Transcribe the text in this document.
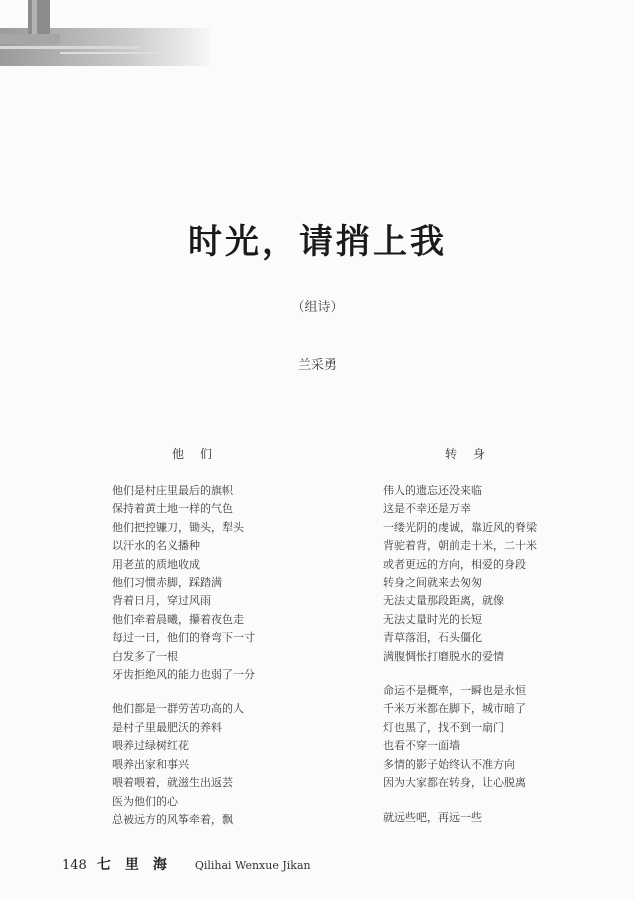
时光，请捎上我
（组诗）
兰采勇
他 们
他们是村庄里最后的旗帜
保持着黄土地一样的气色
他们把控镰刀，锄头，犁头
以汗水的名义播种
用老茧的质地收成
他们习惯赤脚，踩踏满
背着日月，穿过风雨
他们牵着晨曦，攥着夜色走
每过一日，他们的脊弯下一寸
白发多了一根
牙齿拒绝风的能力也弱了一分
他们都是一群劳苦功高的人
是村子里最肥沃的养料
喂养过绿树红花
喂养出家和事兴
喂着喂着，就滋生出返芸
医为他们的心
总被远方的风筝牵着，飘
转 身
伟人的遗忘还没来临
这是不幸还是万幸
一缕光阴的虔诚，靠近风的脊梁
背驼着背，朝前走十米，二十米
或者更远的方向，相爱的身段
转身之间就来去匆匆
无法丈量那段距离，就像
无法丈量时光的长短
青草落泪，石头僵化
满腹惆怅打磨脱水的爱情
命运不是概率，一瞬也是永恒
千米万米都在脚下，城市暗了
灯也黑了，找不到一扇门
也看不穿一面墙
多情的影子始终认不准方向
因为大家都在转身，让心脱离
就远些吧，再远一些
148 七里海 Qilihai Wenxue Jikan
